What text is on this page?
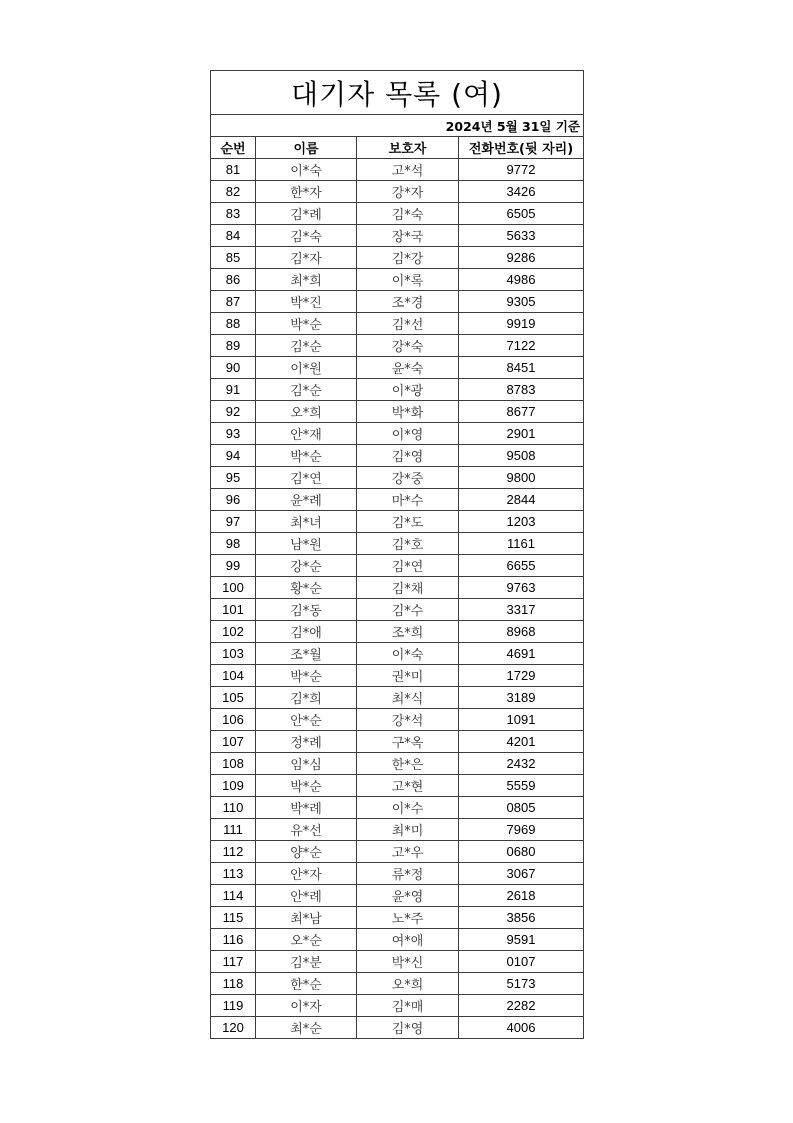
대기자 목록 (여)			
2024년 5월 31일 기준			
순번	이름	보호자	전화번호(뒷 자리)
81	이*숙	고*석	9772
82	한*자	강*자	3426
83	김*례	김*숙	6505
84	김*숙	장*국	5633
85	김*자	김*강	9286
86	최*희	이*록	4986
87	박*진	조*경	9305
88	박*순	김*선	9919
89	김*순	강*숙	7122
90	이*원	윤*숙	8451
91	김*순	이*광	8783
92	오*희	박*화	8677
93	안*재	이*영	2901
94	박*순	김*영	9508
95	김*연	강*중	9800
96	윤*례	마*수	2844
97	최*녀	김*도	1203
98	남*원	김*호	1161
99	강*순	김*연	6655
100	황*순	김*채	9763
101	김*동	김*수	3317
102	김*애	조*희	8968
103	조*월	이*숙	4691
104	박*순	권*미	1729
105	김*희	최*식	3189
106	안*순	강*석	1091
107	정*례	구*옥	4201
108	임*심	한*은	2432
109	박*순	고*현	5559
110	박*례	이*수	0805
111	유*선	최*미	7969
112	양*순	고*우	0680
113	안*자	류*정	3067
114	안*례	윤*영	2618
115	최*남	노*주	3856
116	오*순	여*애	9591
117	김*분	박*신	0107
118	한*순	오*희	5173
119	이*자	김*매	2282
120	최*순	김*영	4006
